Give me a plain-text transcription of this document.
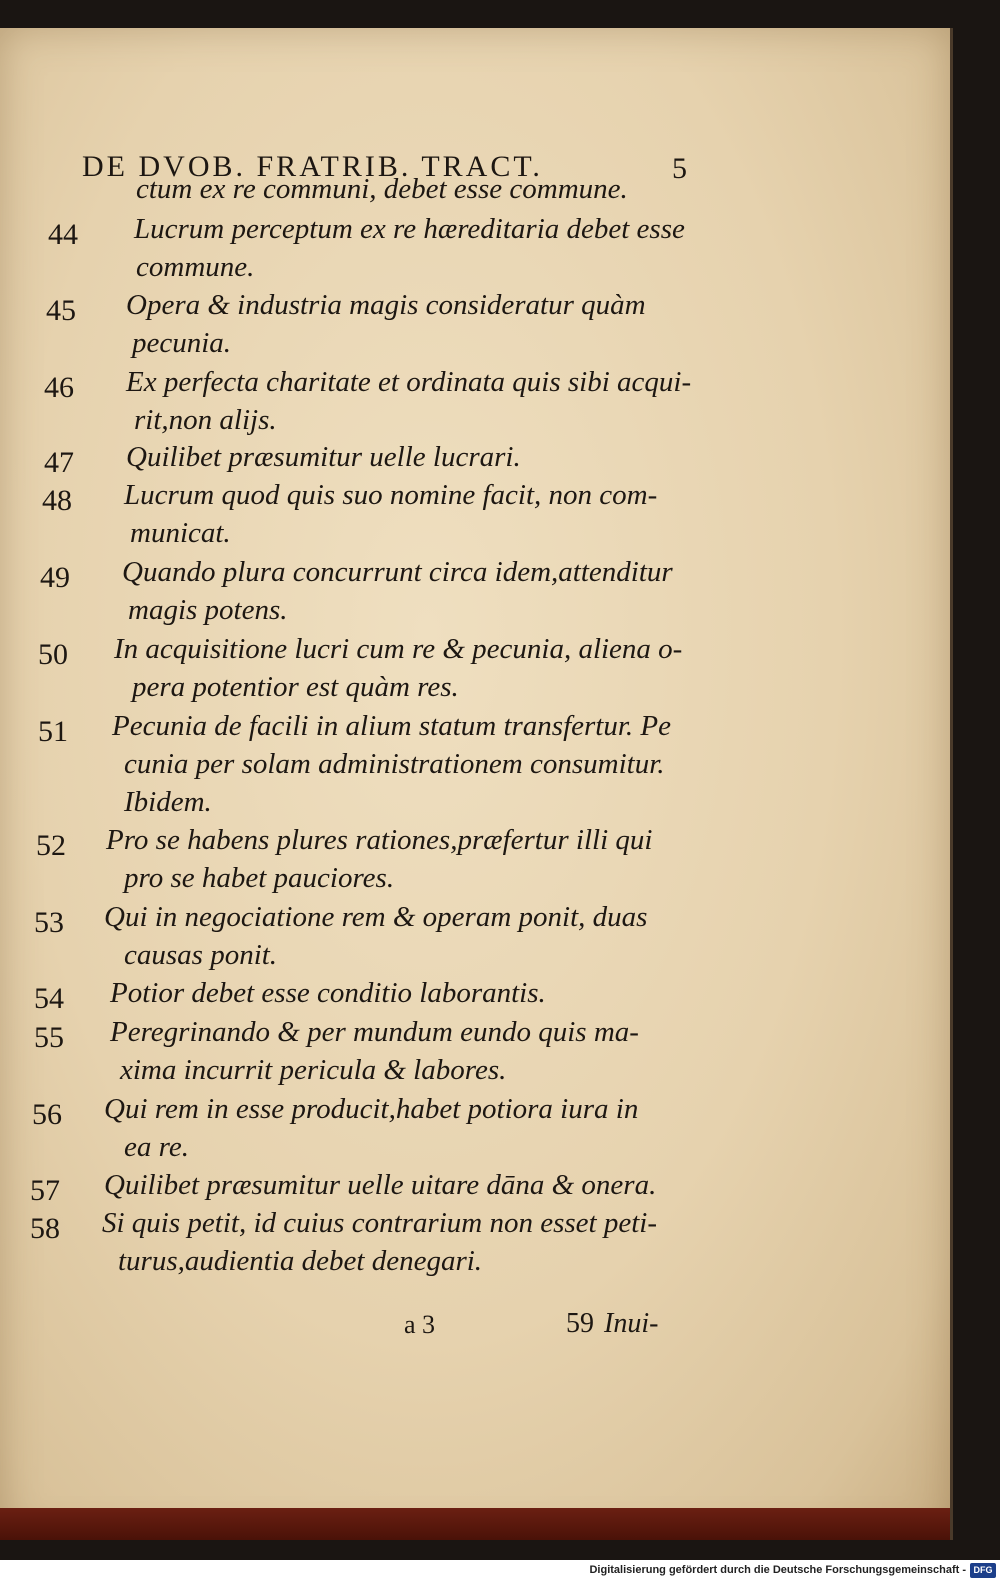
DE DVOB. FRATRIB. TRACT.	5
ctum ex re communi, debet esse commune.
44 Lucrum perceptum ex re hæreditaria debet esse
commune.
45 Opera & industria magis consideratur quàm
pecunia.
46 Ex perfecta charitate et ordinata quis sibi acqui-
rit,non alijs.
47 Quilibet præsumitur uelle lucrari.
48 Lucrum quod quis suo nomine facit, non com-
municat.
49 Quando plura concurrunt circa idem,attenditur
magis potens.
50 In acquisitione lucri cum re & pecunia, aliena o-
pera potentior est quàm res.
51 Pecunia de facili in alium statum transfertur. Pe
cunia per solam administrationem consumitur.
Ibidem.
52 Pro se habens plures rationes,præfertur illi qui
pro se habet pauciores.
53 Qui in negociatione rem & operam ponit, duas
causas ponit.
54 Potior debet esse conditio laborantis.
55 Peregrinando & per mundum eundo quis ma-
xima incurrit pericula & labores.
56 Qui rem in esse producit,habet potiora iura in
ea re.
57 Quilibet præsumitur uelle uitare dāna & onera.
58 Si quis petit, id cuius contrarium non esset peti-
turus,audientia debet denegari.
a 3	59 Inui-
Digitalisierung gefördert durch die Deutsche Forschungsgemeinschaft - DFG
